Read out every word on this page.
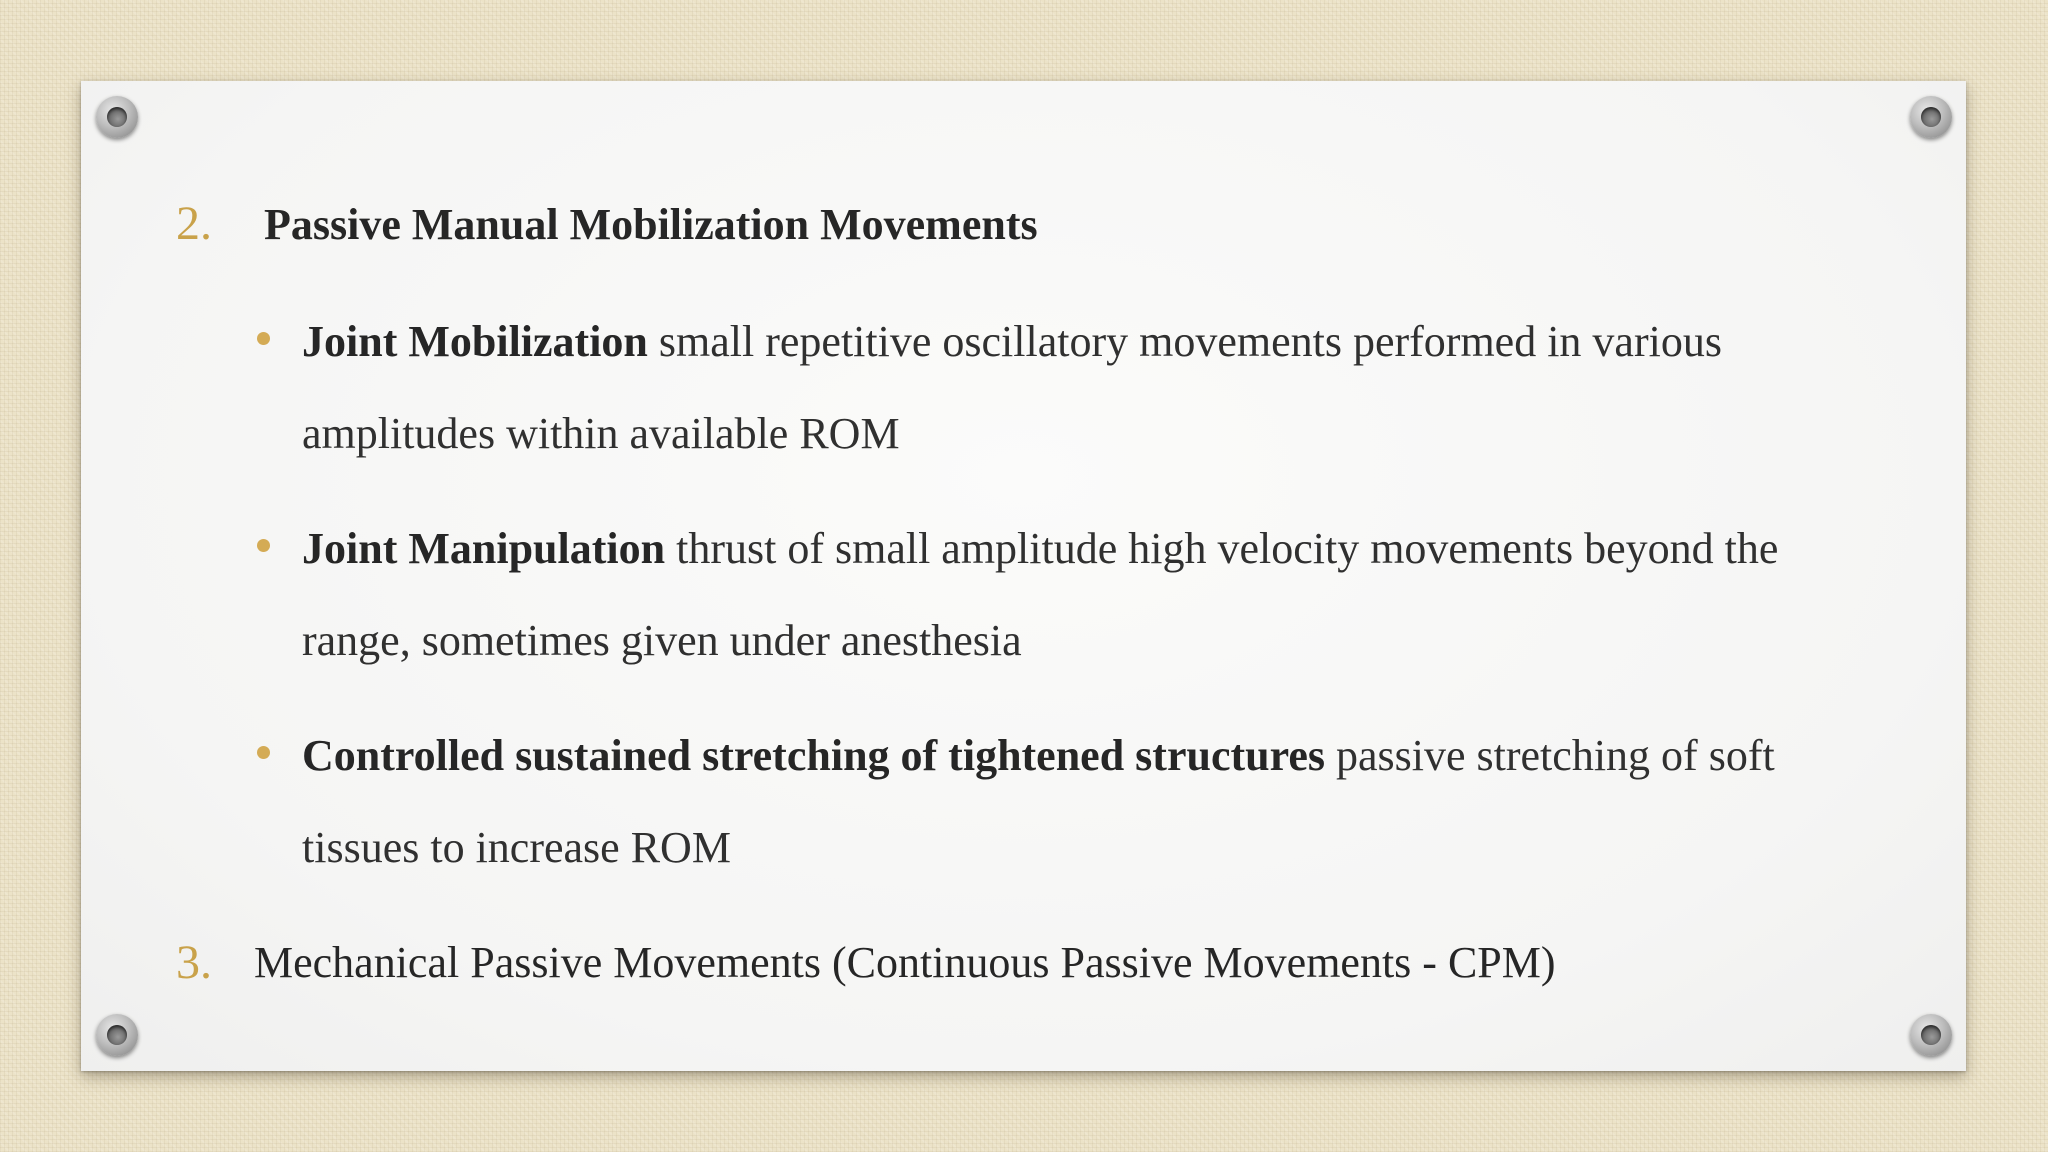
2. Passive Manual Mobilization Movements
Joint Mobilization small repetitive oscillatory movements performed in various amplitudes within available ROM
Joint Manipulation thrust of small amplitude high velocity movements beyond the range, sometimes given under anesthesia
Controlled sustained stretching of tightened structures passive stretching of soft tissues to increase ROM
3. Mechanical Passive Movements (Continuous Passive Movements - CPM)
